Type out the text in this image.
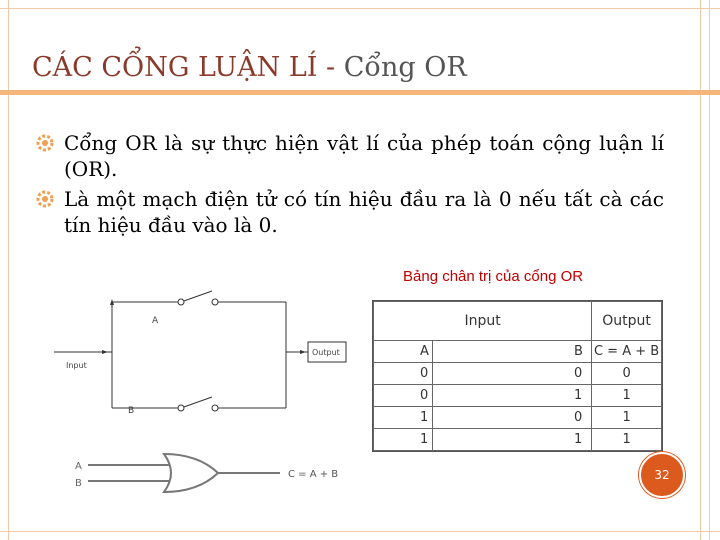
CÁC CỔNG LUẬN LÍ - Cổng OR
Cổng OR là sự thực hiện vật lí của phép toán cộng luận lí (OR).
Là một mạch điện tử có tín hiệu đầu ra là 0 nếu tất cà các tín hiệu đầu vào là 0.
A
B
Input
Output
A
B
C = A + B
Bảng chân trị của cổng OR
Input		Output
A	B	C = A + B
0	0	0
0	1	1
1	0	1
1	1	1
32
